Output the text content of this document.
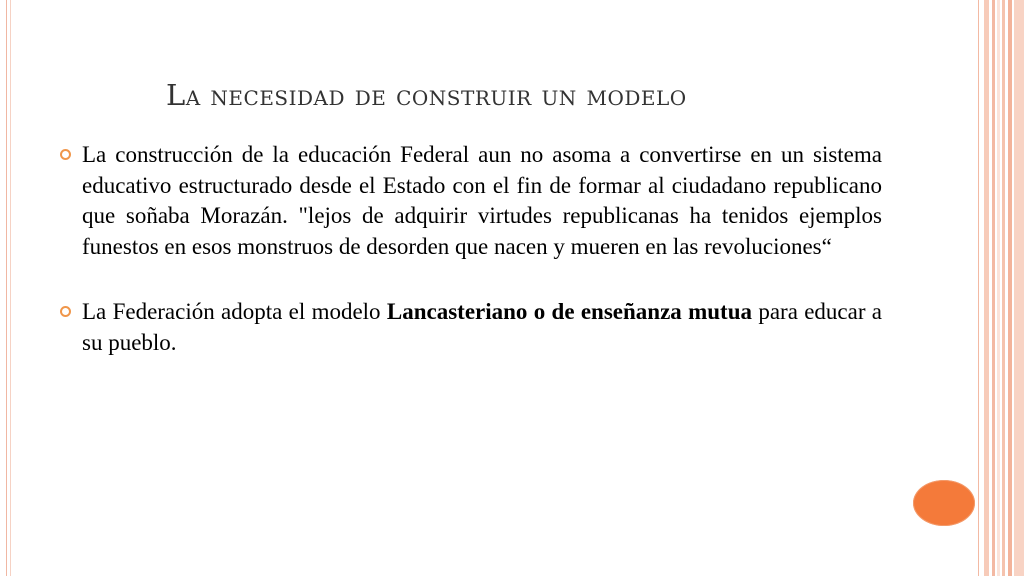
La necesidad de construir un modelo
La construcción de la educación Federal aun no asoma a convertirse en un sistema educativo estructurado desde el Estado con el fin de formar al ciudadano republicano que soñaba Morazán. "lejos de adquirir virtudes republicanas ha tenidos ejemplos funestos en esos monstruos de desorden que nacen y mueren en las revoluciones“
La Federación adopta el modelo Lancasteriano o de enseñanza mutua para educar a su pueblo.
